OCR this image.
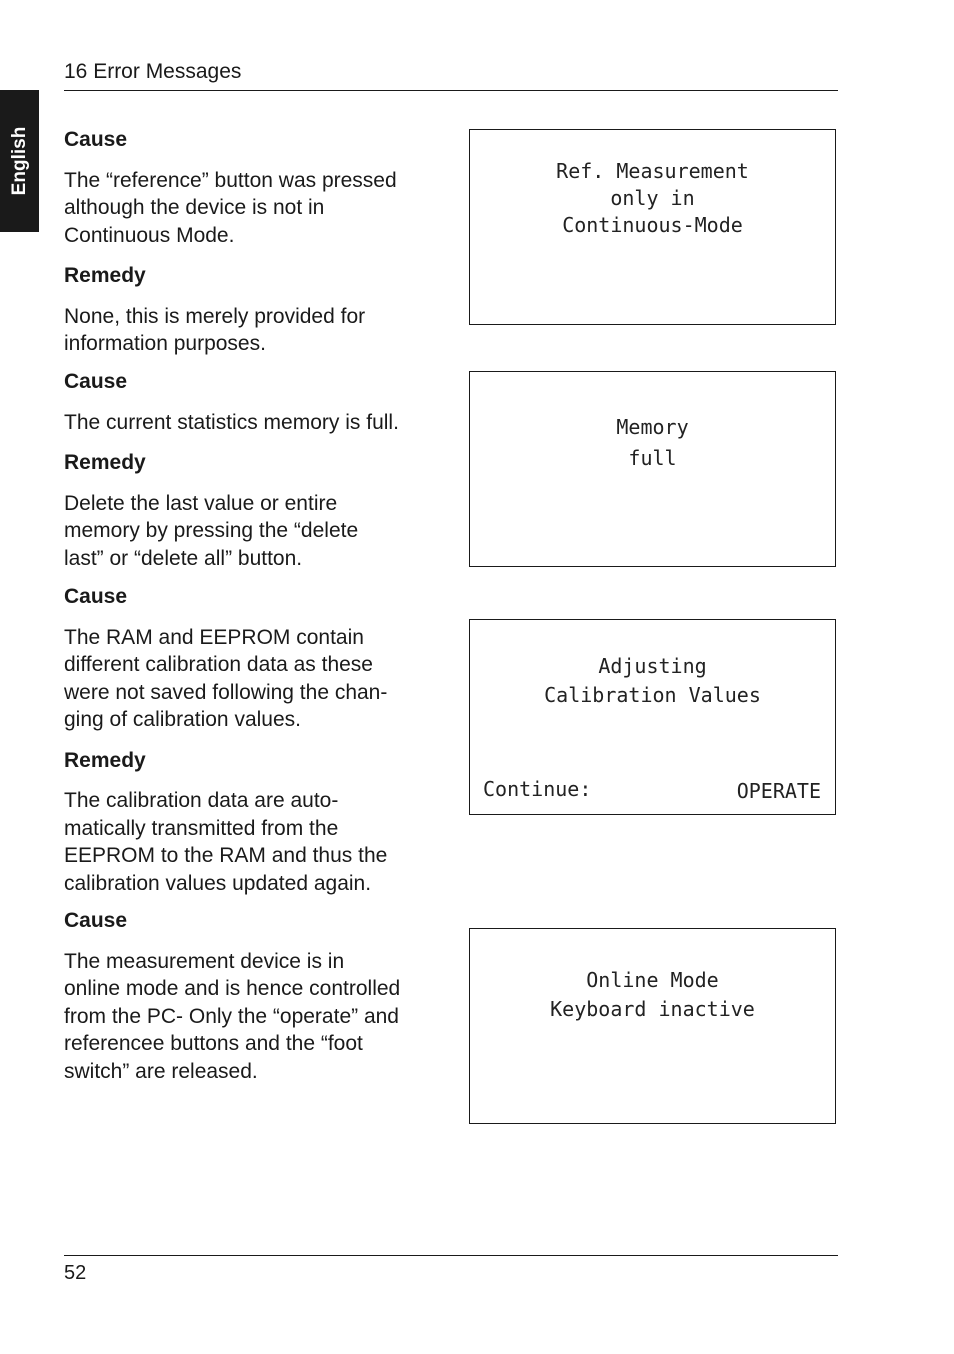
English
16 Error Messages
Cause
The “reference” button was pressed
although the device is not in
Continuous Mode.
Remedy
None, this is merely provided for
information purposes.
Cause
The current statistics memory is full.
Remedy
Delete the last value or entire
memory by pressing the “delete
last” or “delete all” button.
Cause
The RAM and EEPROM contain
different calibration data as these
were not saved following the chan-
ging of calibration values.
Remedy
The calibration data are auto-
matically transmitted from the
EEPROM to the RAM and thus the
calibration values updated again.
Cause
The measurement device is in
online mode and is hence controlled
from the PC- Only the “operate” and
referencee buttons and the “foot
switch” are released.
Ref. Measurement
only in
Continuous-Mode
Memory
full
Adjusting
Calibration Values
Continue:	OPERATE
Online Mode
Keyboard inactive
52
